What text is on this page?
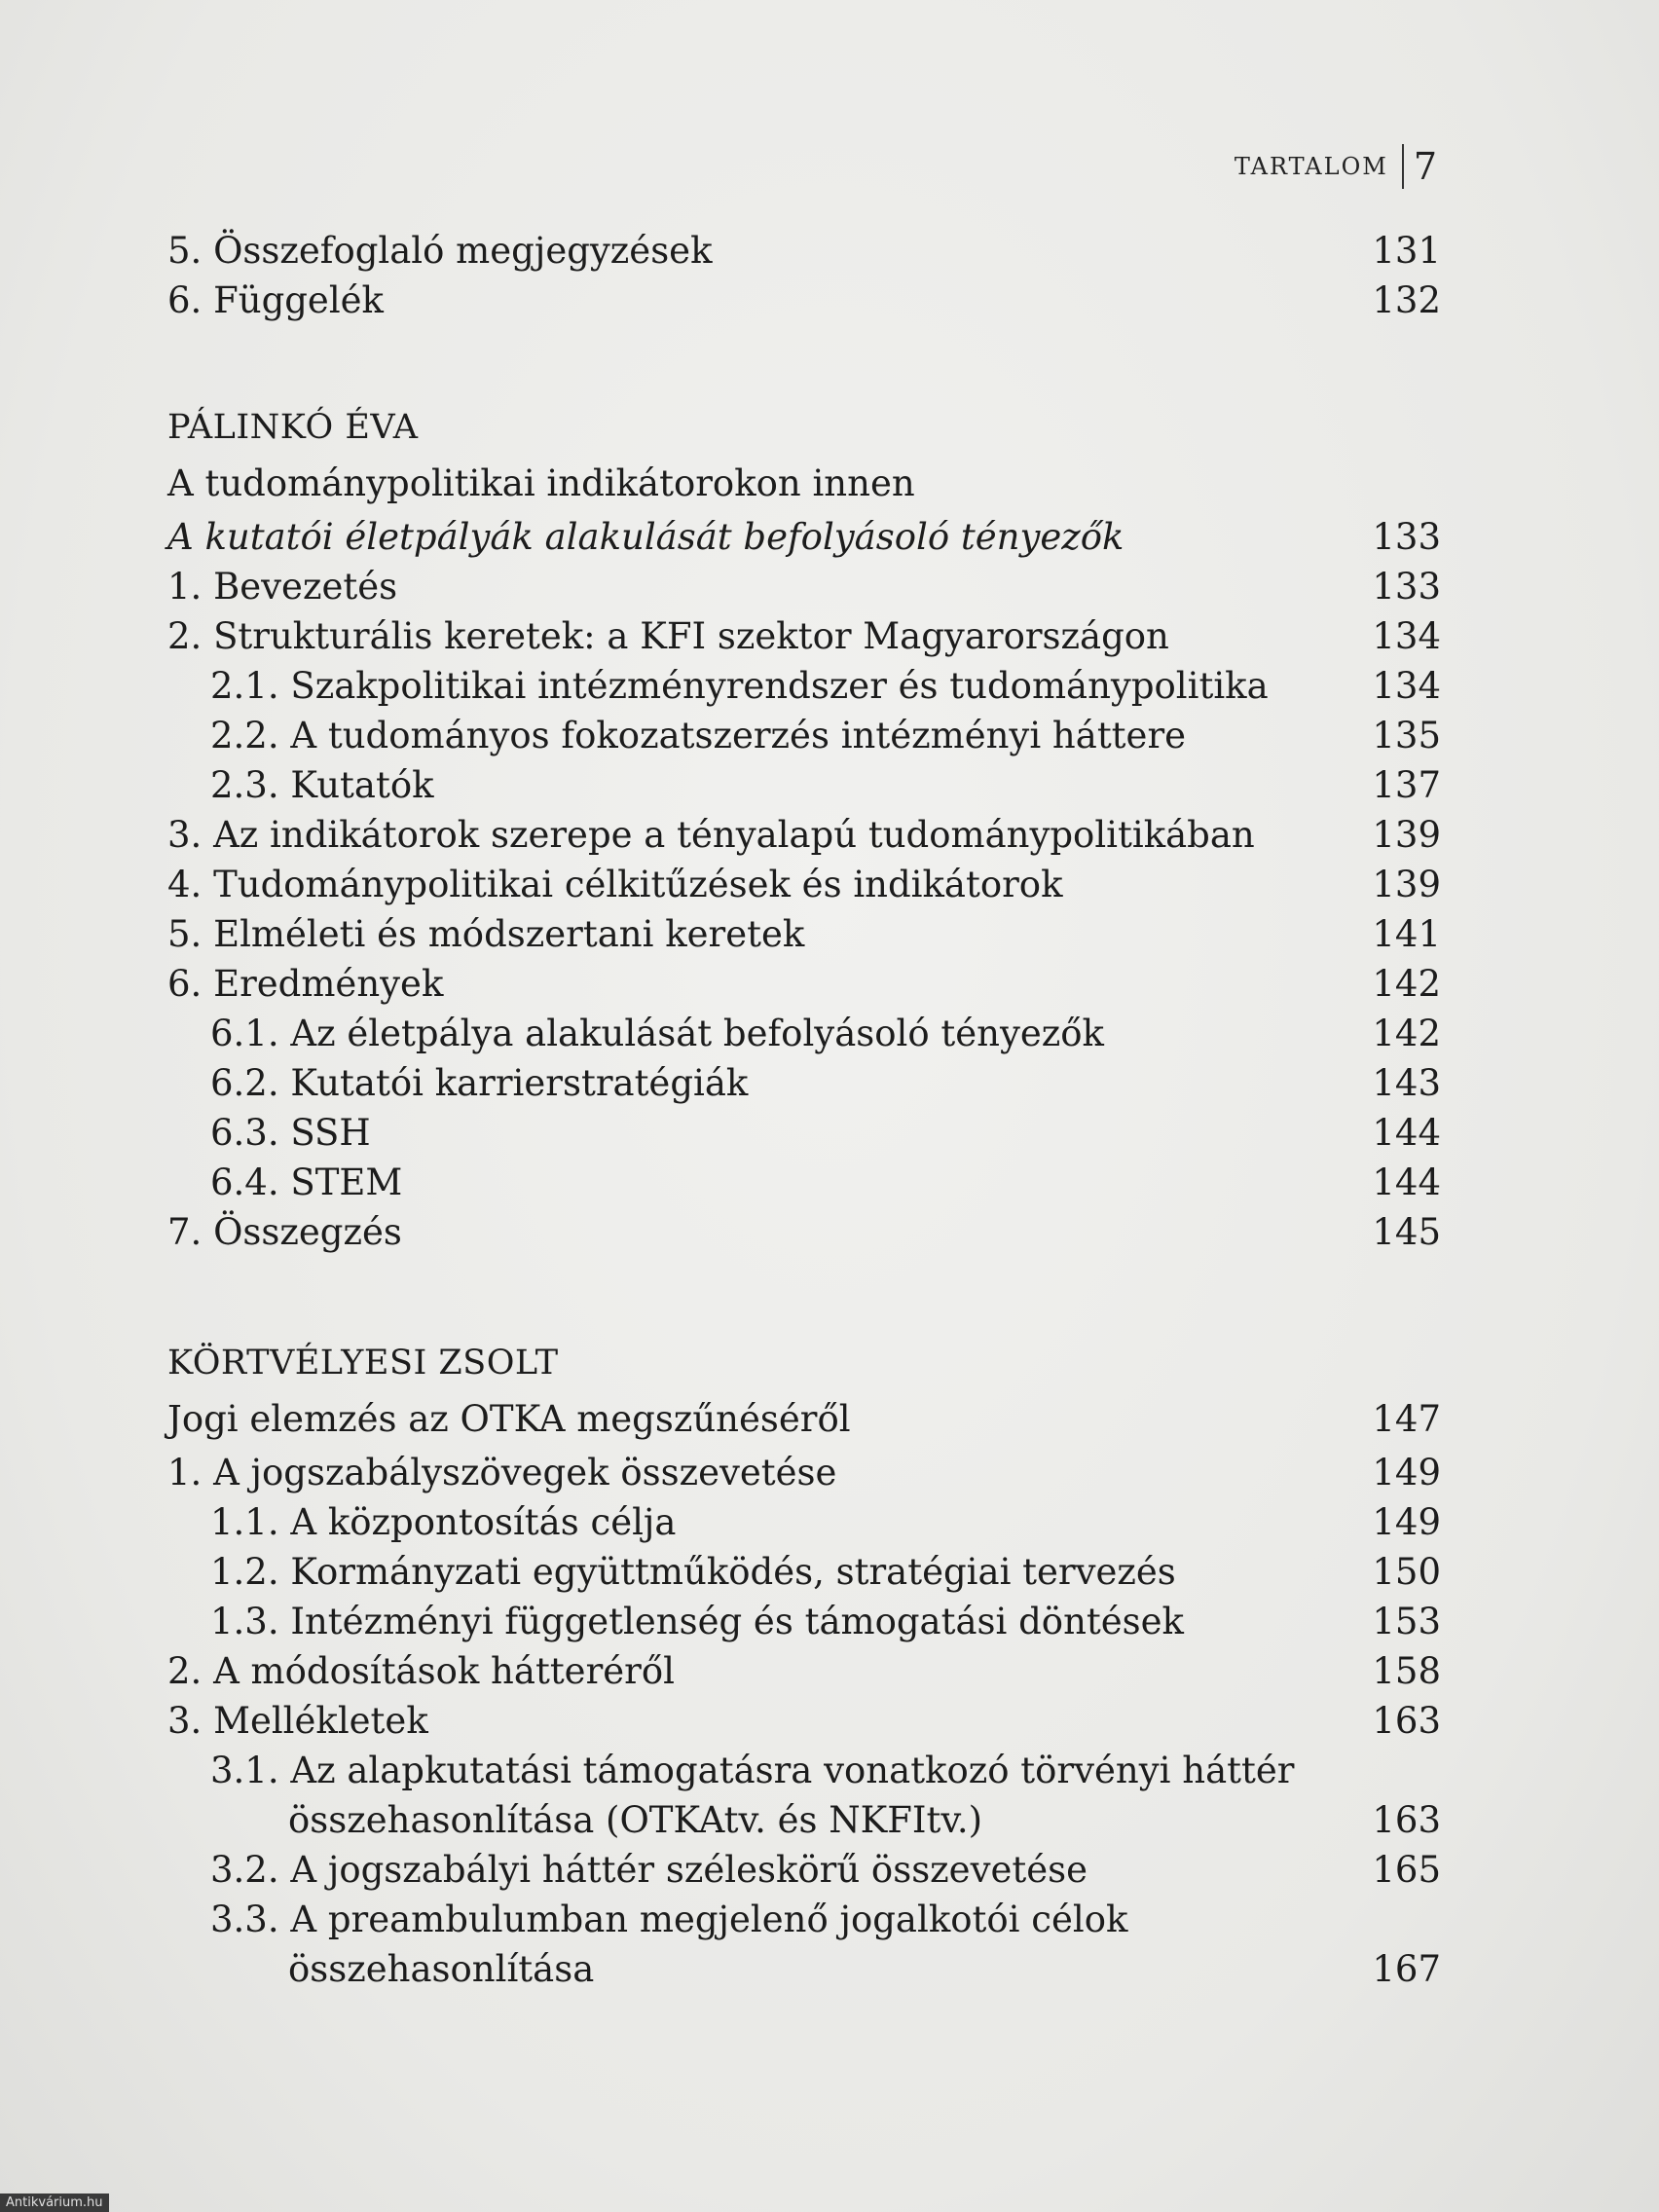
TARTALOM 7
5. Összefoglaló megjegyzések	131
6. Függelék	132
PÁLINKÓ ÉVA
A tudománypolitikai indikátorokon innen
A kutatói életpályák alakulását befolyásoló tényezők	133
1. Bevezetés	133
2. Strukturális keretek: a KFI szektor Magyarországon	134
2.1. Szakpolitikai intézményrendszer és tudománypolitika	134
2.2. A tudományos fokozatszerzés intézményi háttere	135
2.3. Kutatók	137
3. Az indikátorok szerepe a tényalapú tudománypolitikában	139
4. Tudománypolitikai célkitűzések és indikátorok	139
5. Elméleti és módszertani keretek	141
6. Eredmények	142
6.1. Az életpálya alakulását befolyásoló tényezők	142
6.2. Kutatói karrierstratégiák	143
6.3. SSH	144
6.4. STEM	144
7. Összegzés	145
KÖRTVÉLYESI ZSOLT
Jogi elemzés az OTKA megszűnéséről	147
1. A jogszabályszövegek összevetése	149
1.1. A központosítás célja	149
1.2. Kormányzati együttműködés, stratégiai tervezés	150
1.3. Intézményi függetlenség és támogatási döntések	153
2. A módosítások hátteréről	158
3. Mellékletek	163
3.1. Az alapkutatási támogatásra vonatkozó törvényi háttér
összehasonlítása (OTKAtv. és NKFItv.)	163
3.2. A jogszabályi háttér széleskörű összevetése	165
3.3. A preambulumban megjelenő jogalkotói célok
összehasonlítása	167
Antikvárium.hu
